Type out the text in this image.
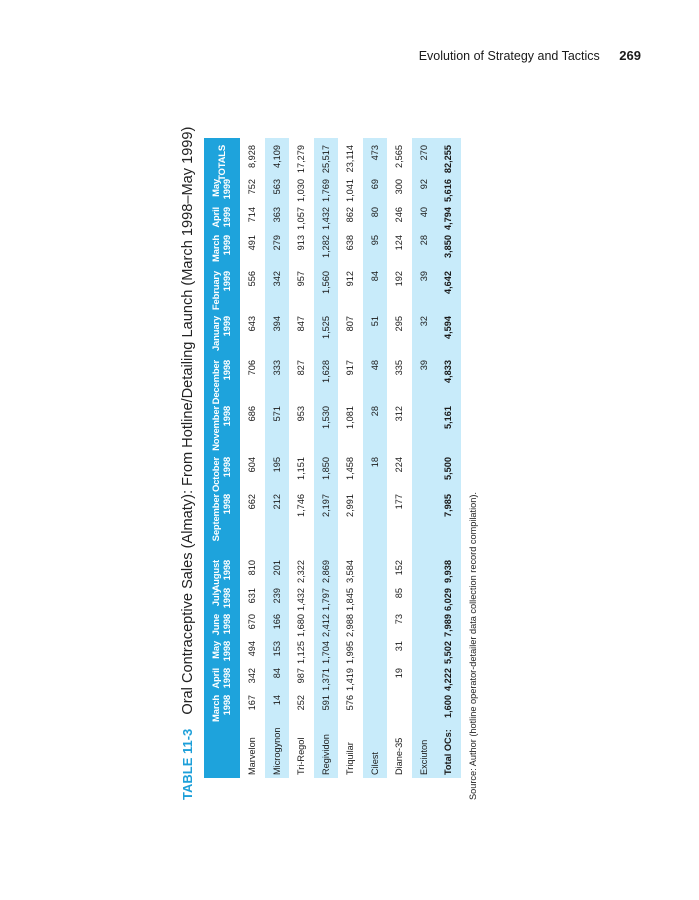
Evolution of Strategy and Tactics 269
TABLE 11-3 Oral Contraceptive Sales (Almaty): From Hotline/Detailing Launch (March 1998–May 1999)	March 1998
April 1998
May 1998
June 1998
July 1998
August 1998
September 1998
October 1998
November 1998
December 1998
January 1999
February 1999
March 1999
April 1999
May 1999
TOTALS
Marvelon
167
342
494
670
631
810
662
604
686
706
643
556
491
714
752
8,928
Microgynon
14
84
153
166
239
201
212
195
571
333
394
342
279
363
563
4,109
Tri-Regol
252
987
1,125
1,680
1,432
2,322
1,746
1,151
953
827
847
957
913
1,057
1,030
17,279
Regividon
591
1,371
1,704
2,412
1,797
2,869
2,197
1,850
1,530
1,628
1,525
1,560
1,282
1,432
1,769
25,517
Triquilar
576
1,419
1,995
2,988
1,845
3,584
2,991
1,458
1,081
917
807
912
638
862
1,041
23,114
Cilest
18
28
48
51
84
95
80
69
473
Diane-35
19
31
73
85
152
177
224
312
335
295
192
124
246
300
2,565
Exciuton
39
32
39
28
40
92
270
Total OCs:
1,600
4,222
5,502
7,989
6,029
9,938
7,985
5,500
5,161
4,833
4,594
4,642
3,850
4,794
5,616
82,255
Source: Author (hotline operator-detailer data collection record compilation).
